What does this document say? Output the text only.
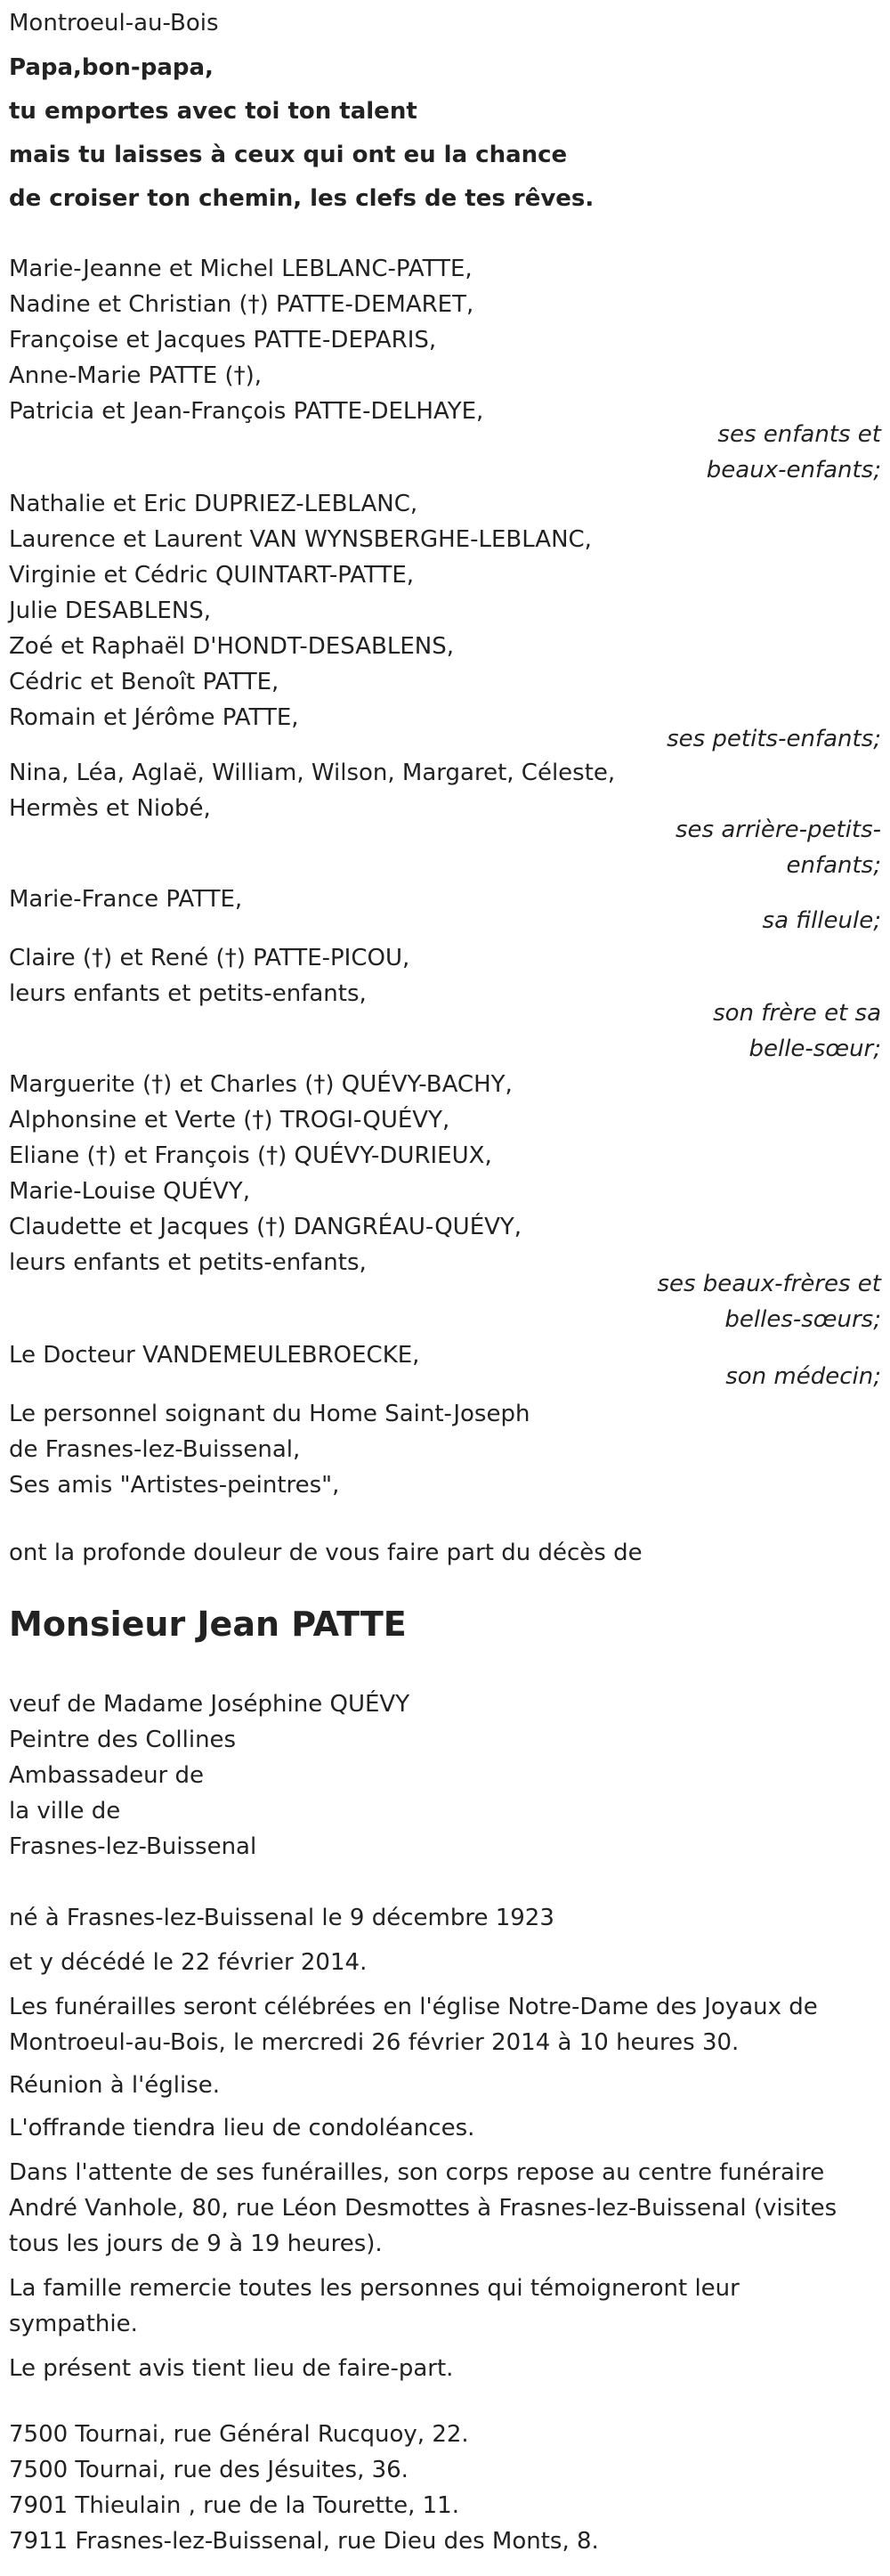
Montroeul-au-Bois
Papa,bon-papa,
tu emportes avec toi ton talent
mais tu laisses à ceux qui ont eu la chance
de croiser ton chemin, les clefs de tes rêves.
Marie-Jeanne et Michel LEBLANC-PATTE,
Nadine et Christian (†) PATTE-DEMARET,
Françoise et Jacques PATTE-DEPARIS,
Anne-Marie PATTE (†),
Patricia et Jean-François PATTE-DELHAYE,
ses enfants et
beaux-enfants;
Nathalie et Eric DUPRIEZ-LEBLANC,
Laurence et Laurent VAN WYNSBERGHE-LEBLANC,
Virginie et Cédric QUINTART-PATTE,
Julie DESABLENS,
Zoé et Raphaël D'HONDT-DESABLENS,
Cédric et Benoît PATTE,
Romain et Jérôme PATTE,
ses petits-enfants;
Nina, Léa, Aglaë, William, Wilson, Margaret, Céleste,
Hermès et Niobé,
ses arrière-petits-
enfants;
Marie-France PATTE,
sa filleule;
Claire (†) et René (†) PATTE-PICOU,
leurs enfants et petits-enfants,
son frère et sa
belle-sœur;
Marguerite (†) et Charles (†) QUÉVY-BACHY,
Alphonsine et Verte (†) TROGI-QUÉVY,
Eliane (†) et François (†) QUÉVY-DURIEUX,
Marie-Louise QUÉVY,
Claudette et Jacques (†) DANGRÉAU-QUÉVY,
leurs enfants et petits-enfants,
ses beaux-frères et
belles-sœurs;
Le Docteur VANDEMEULEBROECKE,
son médecin;
Le personnel soignant du Home Saint-Joseph
de Frasnes-lez-Buissenal,
Ses amis "Artistes-peintres",
ont la profonde douleur de vous faire part du décès de
Monsieur Jean PATTE
veuf de Madame Joséphine QUÉVY
Peintre des Collines
Ambassadeur de
la ville de
Frasnes-lez-Buissenal
né à Frasnes-lez-Buissenal le 9 décembre 1923
et y décédé le 22 février 2014.
Les funérailles seront célébrées en l'église Notre-Dame des Joyaux de
Montroeul-au-Bois, le mercredi 26 février 2014 à 10 heures 30.
Réunion à l'église.
L'offrande tiendra lieu de condoléances.
Dans l'attente de ses funérailles, son corps repose au centre funéraire
André Vanhole, 80, rue Léon Desmottes à Frasnes-lez-Buissenal (visites
tous les jours de 9 à 19 heures).
La famille remercie toutes les personnes qui témoigneront leur
sympathie.
Le présent avis tient lieu de faire-part.
7500 Tournai, rue Général Rucquoy, 22.
7500 Tournai, rue des Jésuites, 36.
7901 Thieulain , rue de la Tourette, 11.
7911 Frasnes-lez-Buissenal, rue Dieu des Monts, 8.
